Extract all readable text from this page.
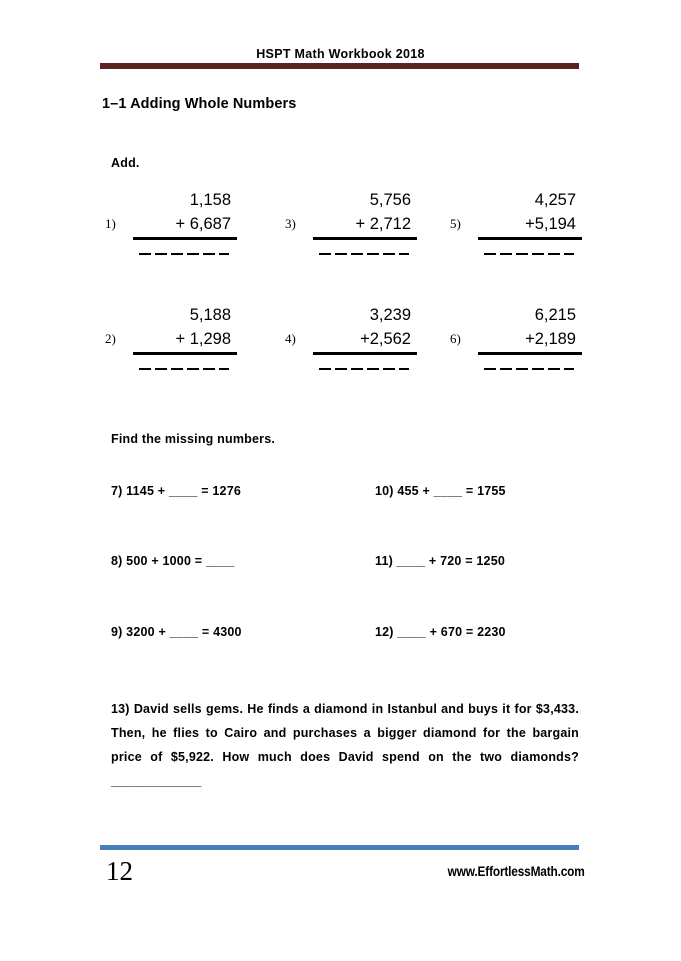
HSPT Math Workbook 2018
1–1 Adding Whole Numbers
Add.
1)
1,158
+ 6,687
2)
5,188
+ 1,298
3)
5,756
+ 2,712
4)
3,239
+2,562
5)
4,257
+5,194
6)
6,215
+2,189
Find the missing numbers.
7) 1145 + ____ = 1276
8) 500 + 1000 = ____
9) 3200 + ____ = 4300
10) 455 + ____ = 1755
11) ____ + 720 = 1250
12) ____ + 670 = 2230
13) David sells gems. He finds a diamond in Istanbul and buys it for $3,433. Then, he flies to Cairo and purchases a bigger diamond for the bargain price of $5,922. How much does David spend on the two diamonds? _____________
12	www.EffortlessMath.com
